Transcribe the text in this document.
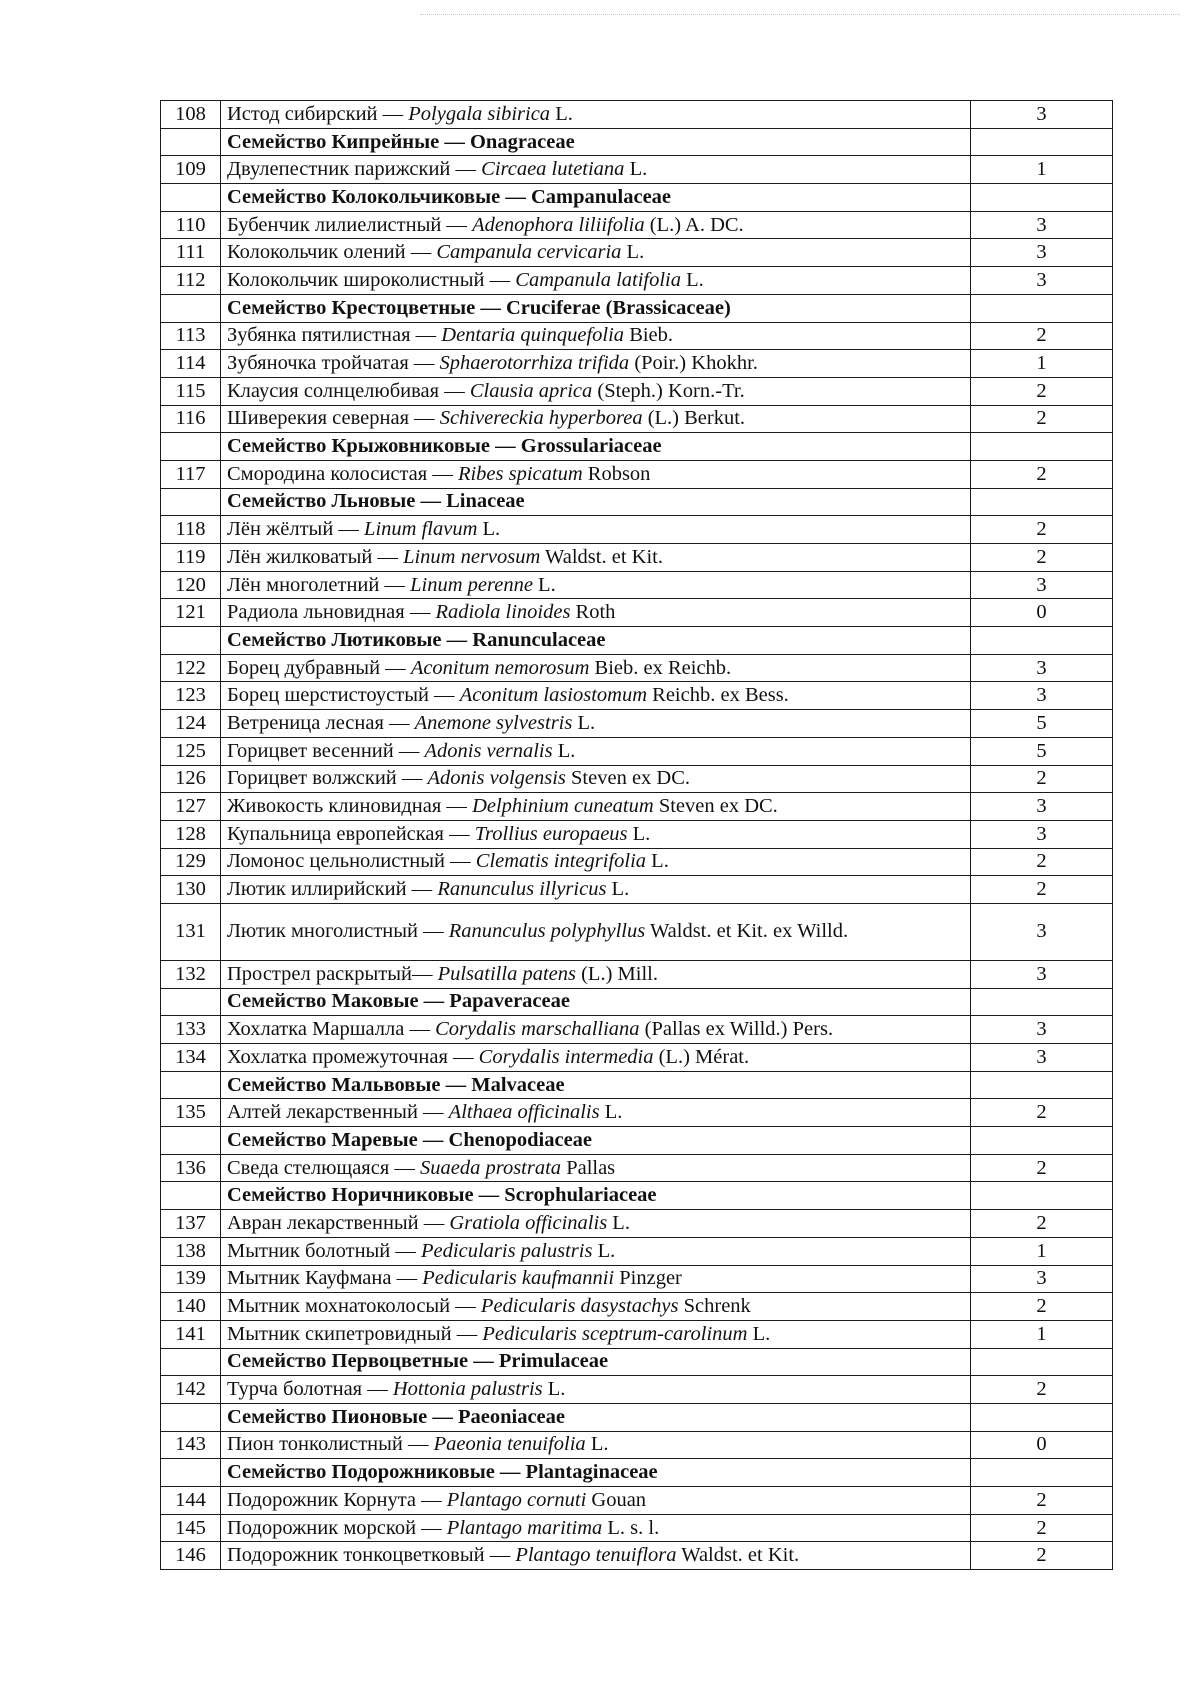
108	Истод сибирский — Polygala sibirica L.	3
	Семейство Кипрейные — Onagraceae	
109	Двулепестник парижский — Circaea lutetiana L.	1
	Семейство Колокольчиковые — Campanulaceae	
110	Бубенчик лилиелистный — Adenophora liliifolia (L.) A. DC.	3
111	Колокольчик олений — Campanula cervicaria L.	3
112	Колокольчик широколистный — Campanula latifolia L.	3
	Семейство Крестоцветные — Cruciferae (Brassicaceae)	
113	Зубянка пятилистная — Dentaria quinquefolia Bieb.	2
114	Зубяночка тройчатая — Sphaerotorrhiza trifida (Poir.) Khokhr.	1
115	Клаусия солнцелюбивая — Clausia aprica (Steph.) Korn.-Tr.	2
116	Шиверекия северная — Schivereckia hyperborea (L.) Berkut.	2
	Семейство Крыжовниковые — Grossulariaceae	
117	Смородина колосистая — Ribes spicatum Robson	2
	Семейство Льновые — Linaceae	
118	Лён жёлтый — Linum flavum L.	2
119	Лён жилковатый — Linum nervosum Waldst. et Kit.	2
120	Лён многолетний — Linum perenne L.	3
121	Радиола льновидная — Radiola linoides Roth	0
	Семейство Лютиковые — Ranunculaceae	
122	Борец дубравный — Aconitum nemorosum Bieb. ex Reichb.	3
123	Борец шерстистоустый — Aconitum lasiostomum Reichb. ex Bess.	3
124	Ветреница лесная — Anemone sylvestris L.	5
125	Горицвет весенний — Adonis vernalis L.	5
126	Горицвет волжский — Adonis volgensis Steven ex DC.	2
127	Живокость клиновидная — Delphinium cuneatum Steven ex DC.	3
128	Купальница европейская — Trollius europaeus L.	3
129	Ломонос цельнолистный — Clematis integrifolia L.	2
130	Лютик иллирийский — Ranunculus illyricus L.	2
131	Лютик многолистный — Ranunculus polyphyllus Waldst. et Kit. ex Willd.	3
132	Прострел раскрытый— Pulsatilla patens (L.) Mill.	3
	Семейство Маковые — Papaveraceae	
133	Хохлатка Маршалла — Corydalis marschalliana (Pallas ex Willd.) Pers.	3
134	Хохлатка промежуточная — Corydalis intermedia (L.) Mérat.	3
	Семейство Мальвовые — Malvaceae	
135	Алтей лекарственный — Althaea officinalis L.	2
	Семейство Маревые — Chenopodiaceae	
136	Сведа стелющаяся — Suaeda prostrata Pallas	2
	Семейство Норичниковые — Scrophulariaceae	
137	Авран лекарственный — Gratiola officinalis L.	2
138	Мытник болотный — Pedicularis palustris L.	1
139	Мытник Кауфмана — Pedicularis kaufmannii Pinzger	3
140	Мытник мохнатоколосый — Pedicularis dasystachys Schrenk	2
141	Мытник скипетровидный — Pedicularis sceptrum-carolinum L.	1
	Семейство Первоцветные — Primulaceae	
142	Турча болотная — Hottonia palustris L.	2
	Семейство Пионовые — Paeoniaceae	
143	Пион тонколистный — Paeonia tenuifolia L.	0
	Семейство Подорожниковые — Plantaginaceae	
144	Подорожник Корнута — Plantago cornuti Gouan	2
145	Подорожник морской — Plantago maritima L. s. l.	2
146	Подорожник тонкоцветковый — Plantago tenuiflora Waldst. et Kit.	2
